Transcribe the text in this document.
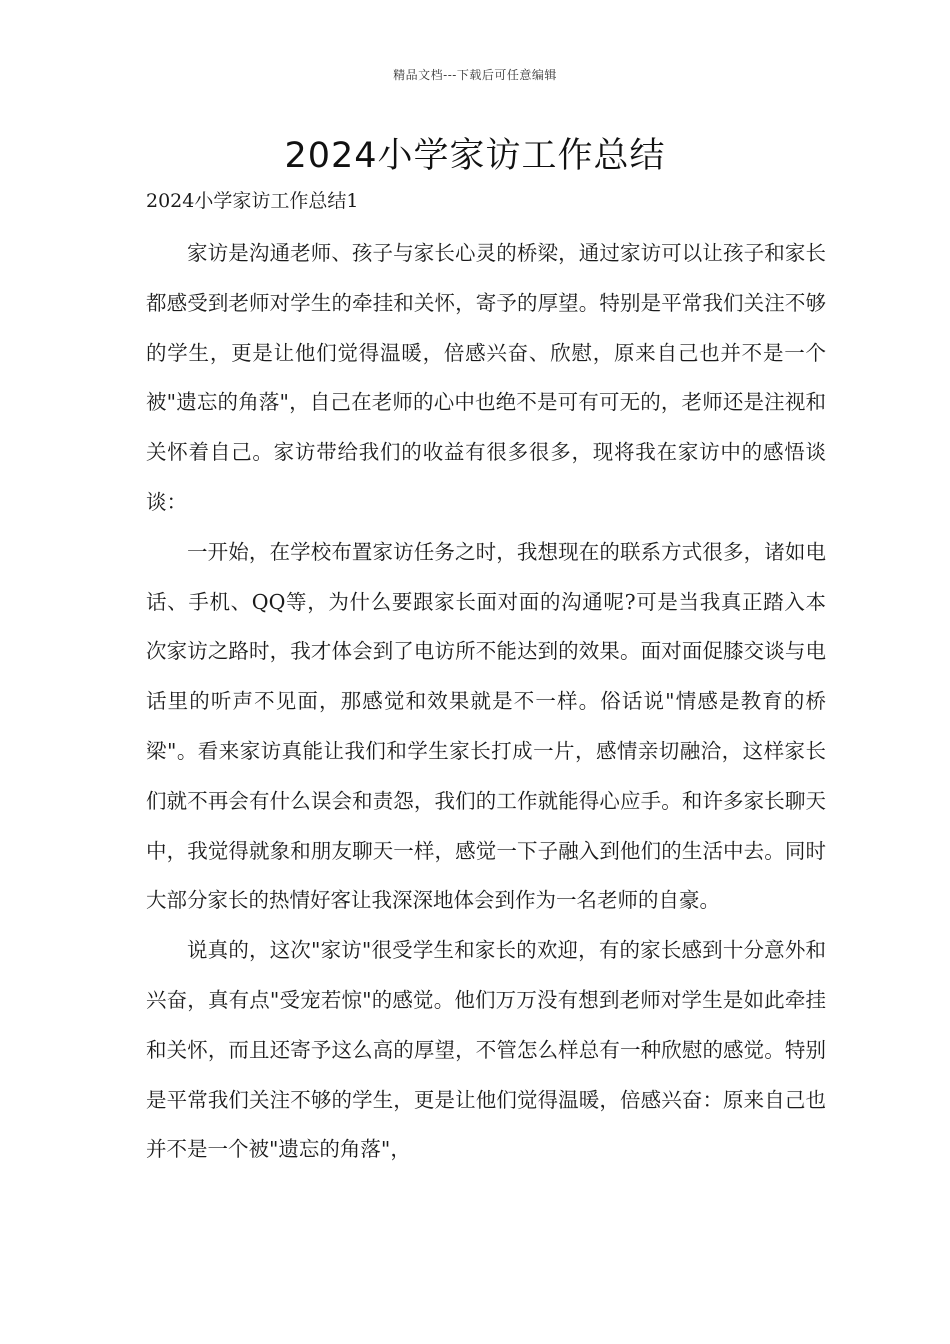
精品文档---下载后可任意编辑
2024小学家访工作总结
2024小学家访工作总结1

家访是沟通老师、孩子与家长心灵的桥梁，通过家访可以让孩子和家长都感受到老师对学生的牵挂和关怀，寄予的厚望。特别是平常我们关注不够的学生，更是让他们觉得温暖，倍感兴奋、欣慰，原来自己也并不是一个被"遗忘的角落"，自己在老师的心中也绝不是可有可无的，老师还是注视和关怀着自己。家访带给我们的收益有很多很多，现将我在家访中的感悟谈谈：

一开始，在学校布置家访任务之时，我想现在的联系方式很多，诸如电话、手机、QQ等，为什么要跟家长面对面的沟通呢?可是当我真正踏入本次家访之路时，我才体会到了电访所不能达到的效果。面对面促膝交谈与电话里的听声不见面，那感觉和效果就是不一样。俗话说"情感是教育的桥梁"。看来家访真能让我们和学生家长打成一片，感情亲切融洽，这样家长们就不再会有什么误会和责怨，我们的工作就能得心应手。和许多家长聊天中，我觉得就象和朋友聊天一样，感觉一下子融入到他们的生活中去。同时大部分家长的热情好客让我深深地体会到作为一名老师的自豪。

说真的，这次"家访"很受学生和家长的欢迎，有的家长感到十分意外和兴奋，真有点"受宠若惊"的感觉。他们万万没有想到老师对学生是如此牵挂和关怀，而且还寄予这么高的厚望，不管怎么样总有一种欣慰的感觉。特别是平常我们关注不够的学生，更是让他们觉得温暖，倍感兴奋：原来自己也并不是一个被"遗忘的角落"，
